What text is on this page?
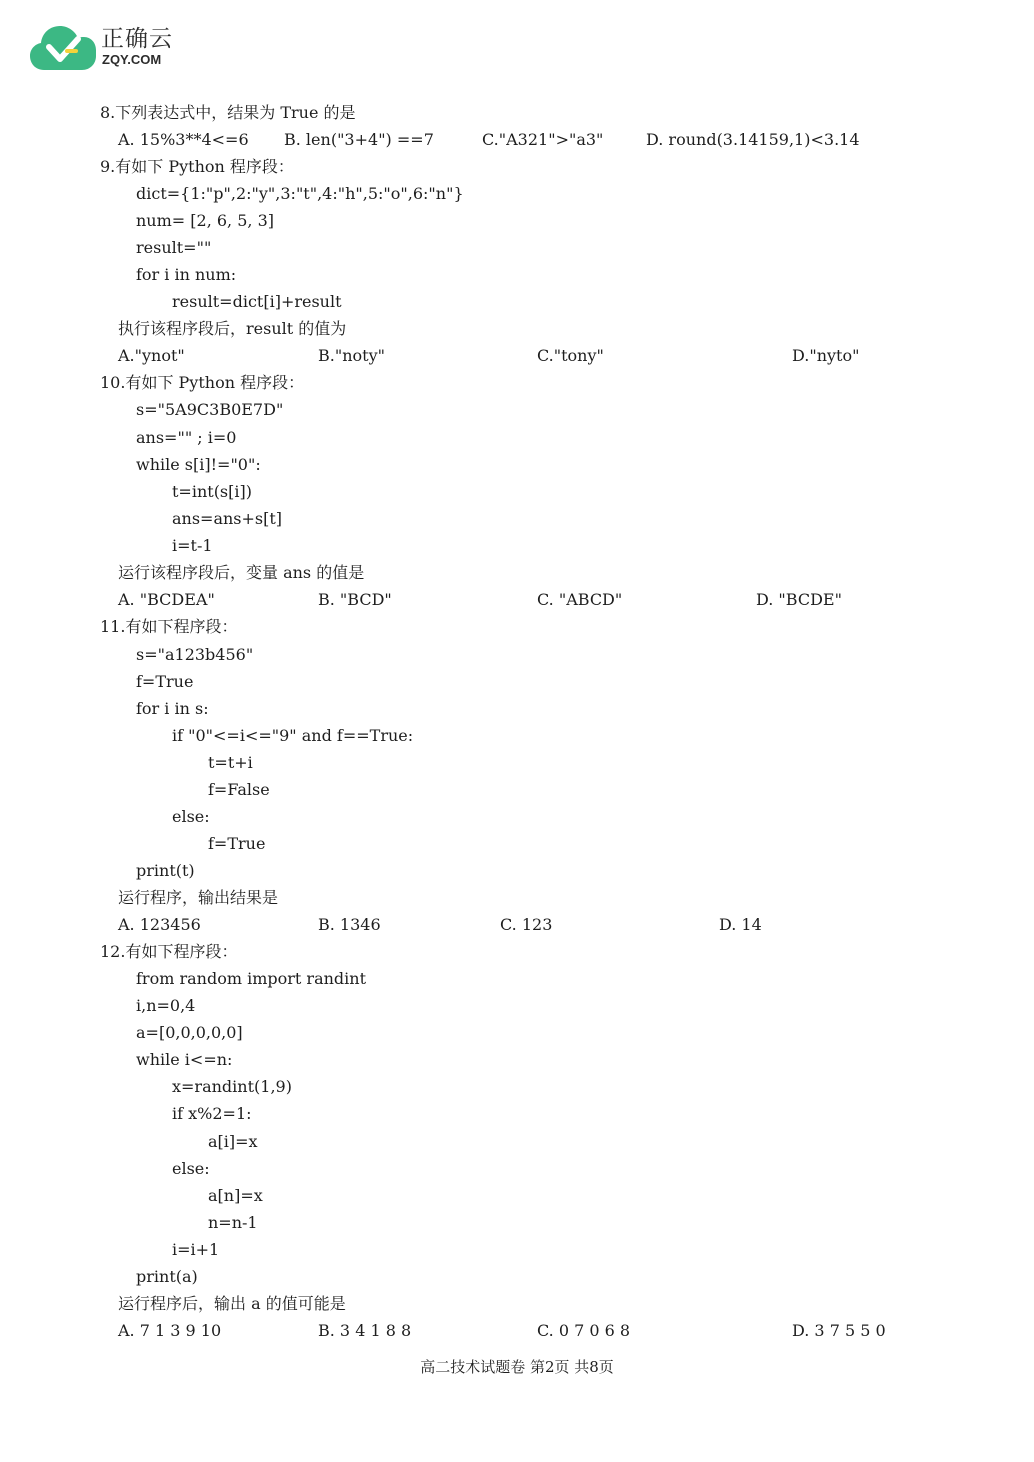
正确云
ZQY.COM
8.下列表达式中，结果为 True 的是
A. 15%3**4<=6 B. len("3+4") ==7	C."A321">"a3"	D. round(3.14159,1)<3.14
9.有如下 Python 程序段：
dict={1:"p",2:"y",3:"t",4:"h",5:"o",6:"n"}
num= [2, 6, 5, 3]
result=""
for i in num:
result=dict[i]+result
执行该程序段后，result 的值为
A."ynot"	B."noty"	C."tony"	D."nyto"
10.有如下 Python 程序段：
s="5A9C3B0E7D"
ans="" ; i=0
while s[i]!="0":
t=int(s[i])
ans=ans+s[t]
i=t-1
运行该程序段后，变量 ans 的值是
A. "BCDEA"	B. "BCD"	C. "ABCD"	D. "BCDE"
11.有如下程序段：
s="a123b456"
f=True
for i in s:
if "0"<=i<="9" and f==True:
t=t+i
f=False
else:
f=True
print(t)
运行程序，输出结果是
A. 123456	B. 1346	C. 123	D. 14
12.有如下程序段：
from random import randint
i,n=0,4
a=[0,0,0,0,0]
while i<=n:
x=randint(1,9)
if x%2=1:
a[i]=x
else:
a[n]=x
n=n-1
i=i+1
print(a)
运行程序后，输出 a 的值可能是
A. 7 1 3 9 10	B. 3 4 1 8 8	C. 0 7 0 6 8	D. 3 7 5 5 0
高二技术试题卷 第2页 共8页
